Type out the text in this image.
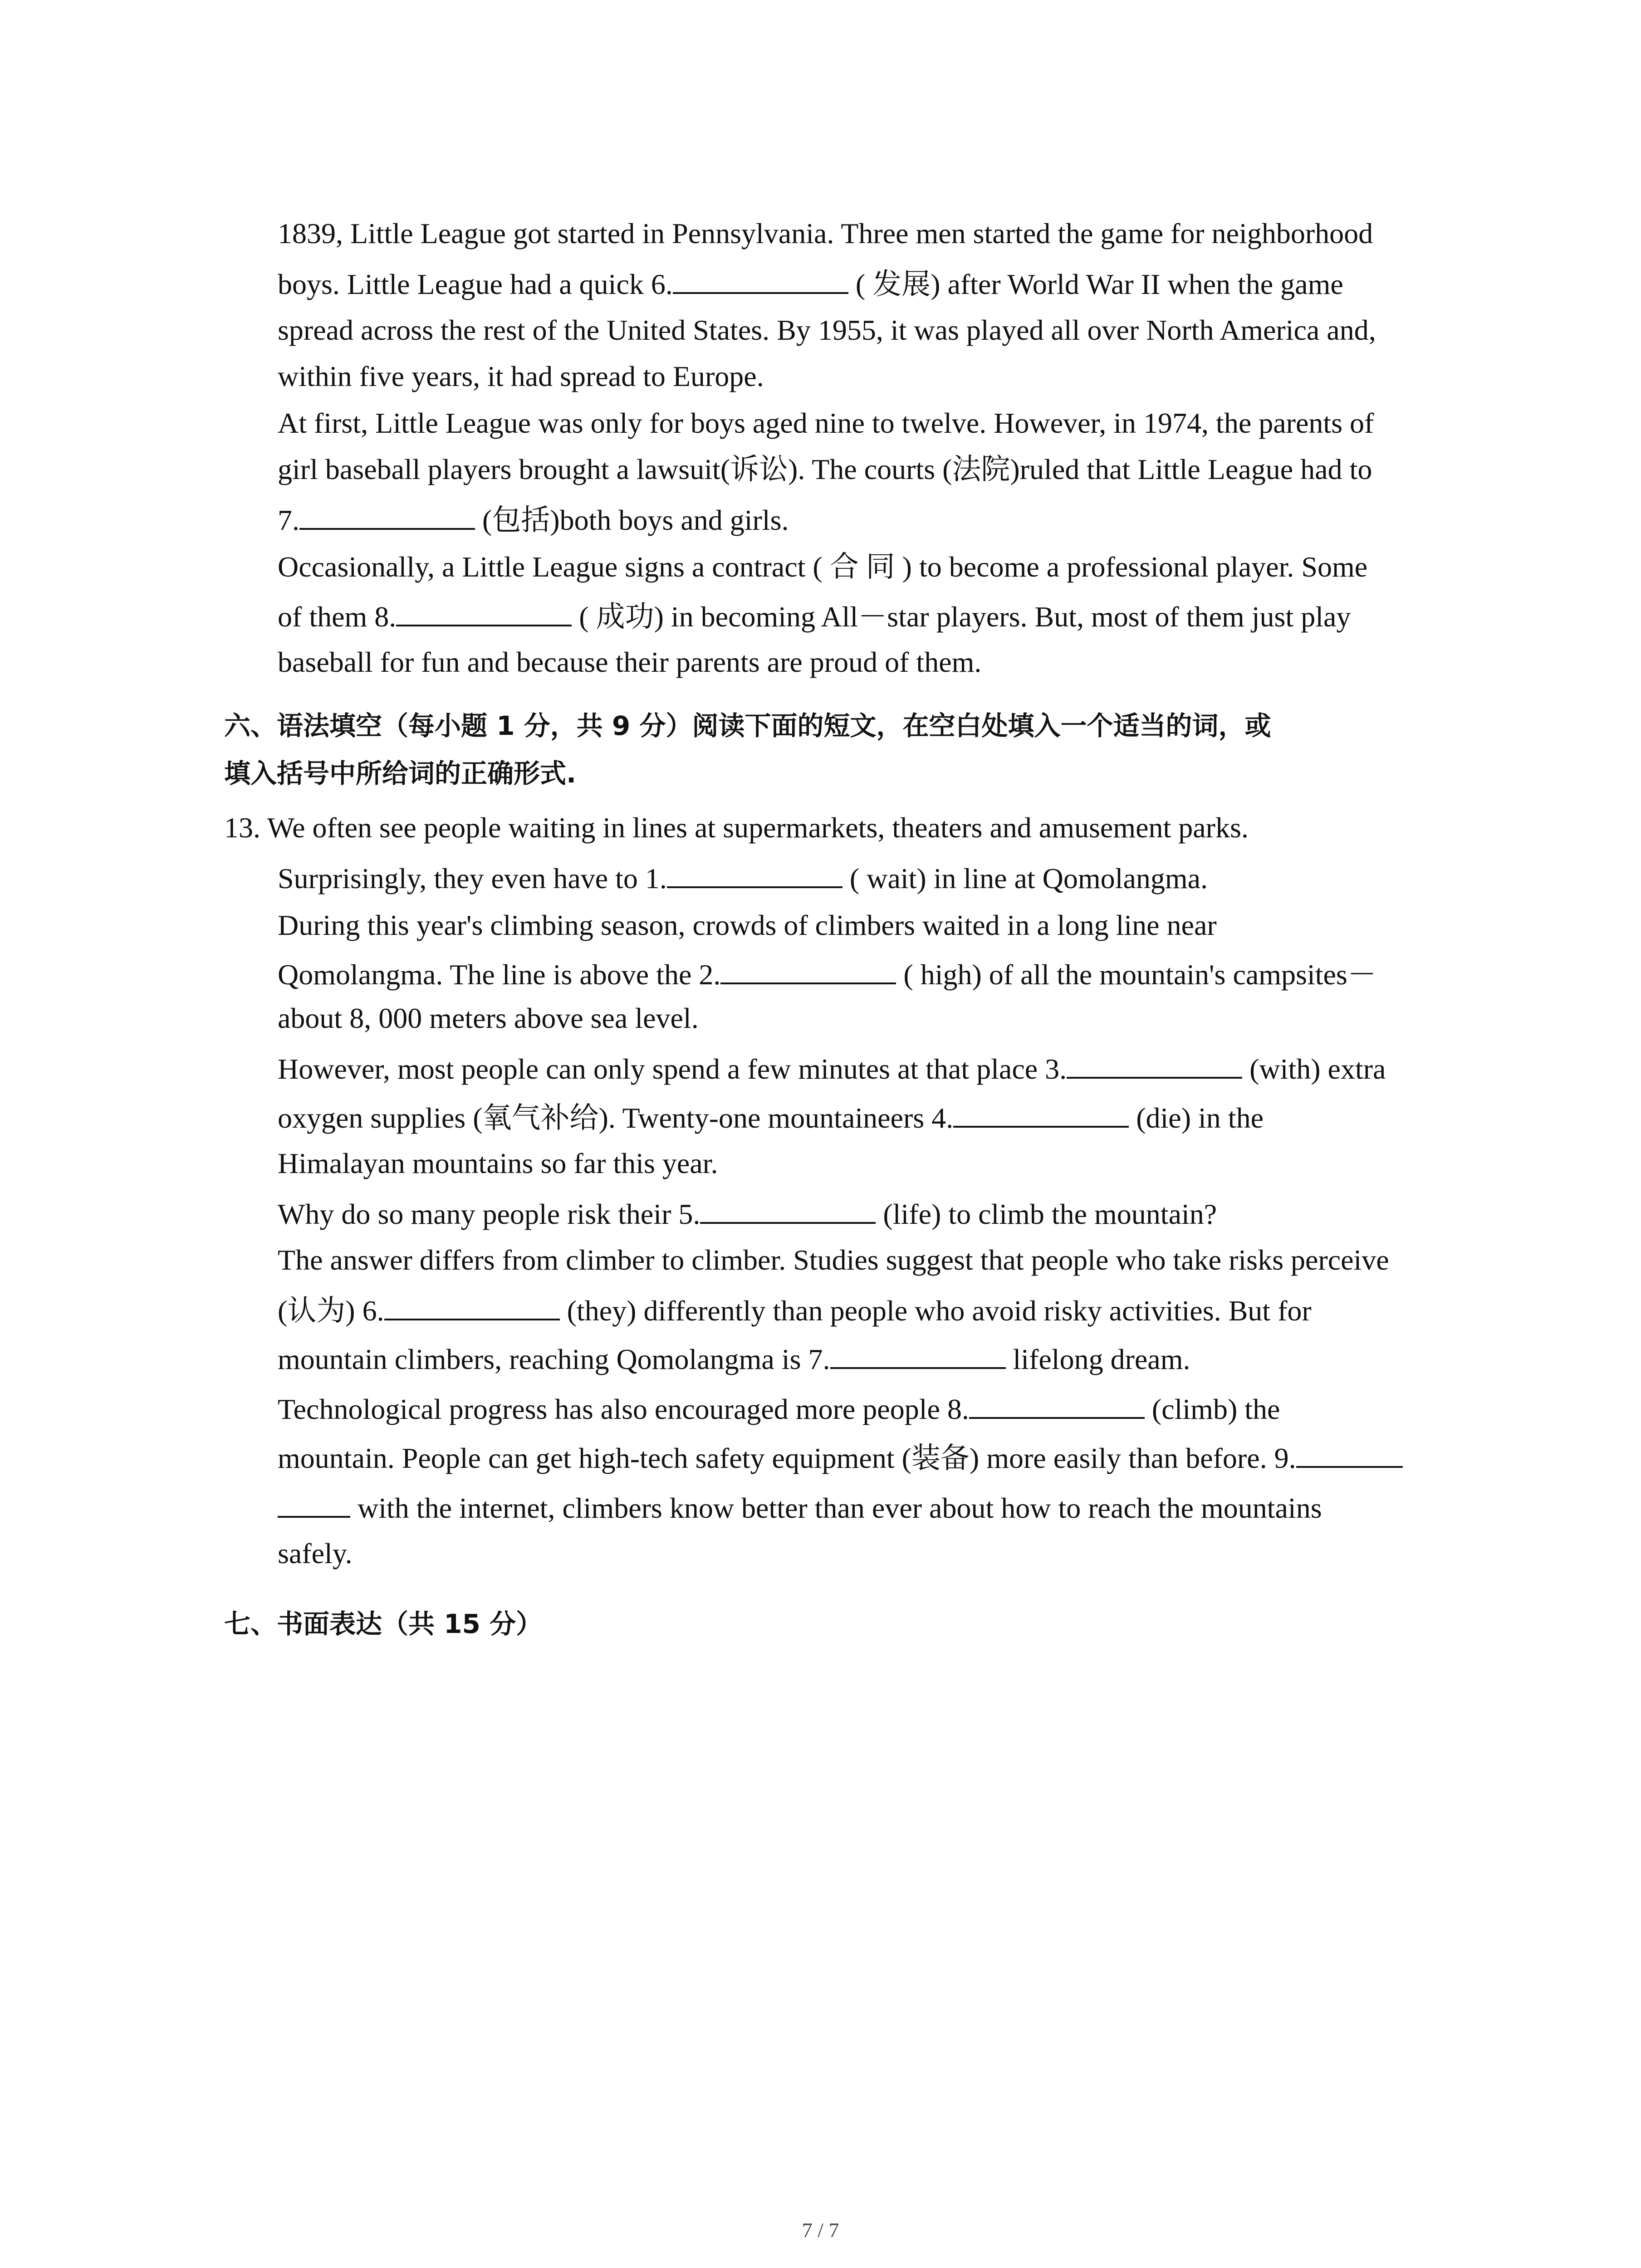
1839, Little League got started in Pennsylvania. Three men started the game for neighborhood
boys. Little League had a quick 6.	( 发展) after World War II when the game
spread across the rest of the United States. By 1955, it was played all over North America and,
within five years, it had spread to Europe.
At first, Little League was only for boys aged nine to twelve. However, in 1974, the parents of
girl baseball players brought a lawsuit(诉讼). The courts (法院)ruled that Little League had to
7.	(包括)both boys and girls.
Occasionally, a Little League signs a contract ( 合 同 ) to become a professional player. Some
of them 8.	( 成功) in becoming All－star players. But, most of them just play
baseball for fun and because their parents are proud of them.
六、语法填空（每小题 1 分，共 9 分）阅读下面的短文，在空白处填入一个适当的词，或
填入括号中所给词的正确形式.
13. We often see people waiting in lines at supermarkets, theaters and amusement parks.
Surprisingly, they even have to 1.	( wait) in line at Qomolangma.
During this year's climbing season, crowds of climbers waited in a long line near
Qomolangma. The line is above the 2.	( high) of all the mountain's campsites－
about 8, 000 meters above sea level.
However, most people can only spend a few minutes at that place 3.	(with) extra
oxygen supplies (氧气补给). Twenty-one mountaineers 4.	(die) in the
Himalayan mountains so far this year.
Why do so many people risk their 5.	(life) to climb the mountain?
The answer differs from climber to climber. Studies suggest that people who take risks perceive
(认为) 6.	(they) differently than people who avoid risky activities. But for
mountain climbers, reaching Qomolangma is 7.	lifelong dream.
Technological progress has also encouraged more people 8.	(climb) the
mountain. People can get high-tech safety equipment (装备) more easily than before. 9.
with the internet, climbers know better than ever about how to reach the mountains
safely.
七、书面表达（共 15 分）
7 / 7
